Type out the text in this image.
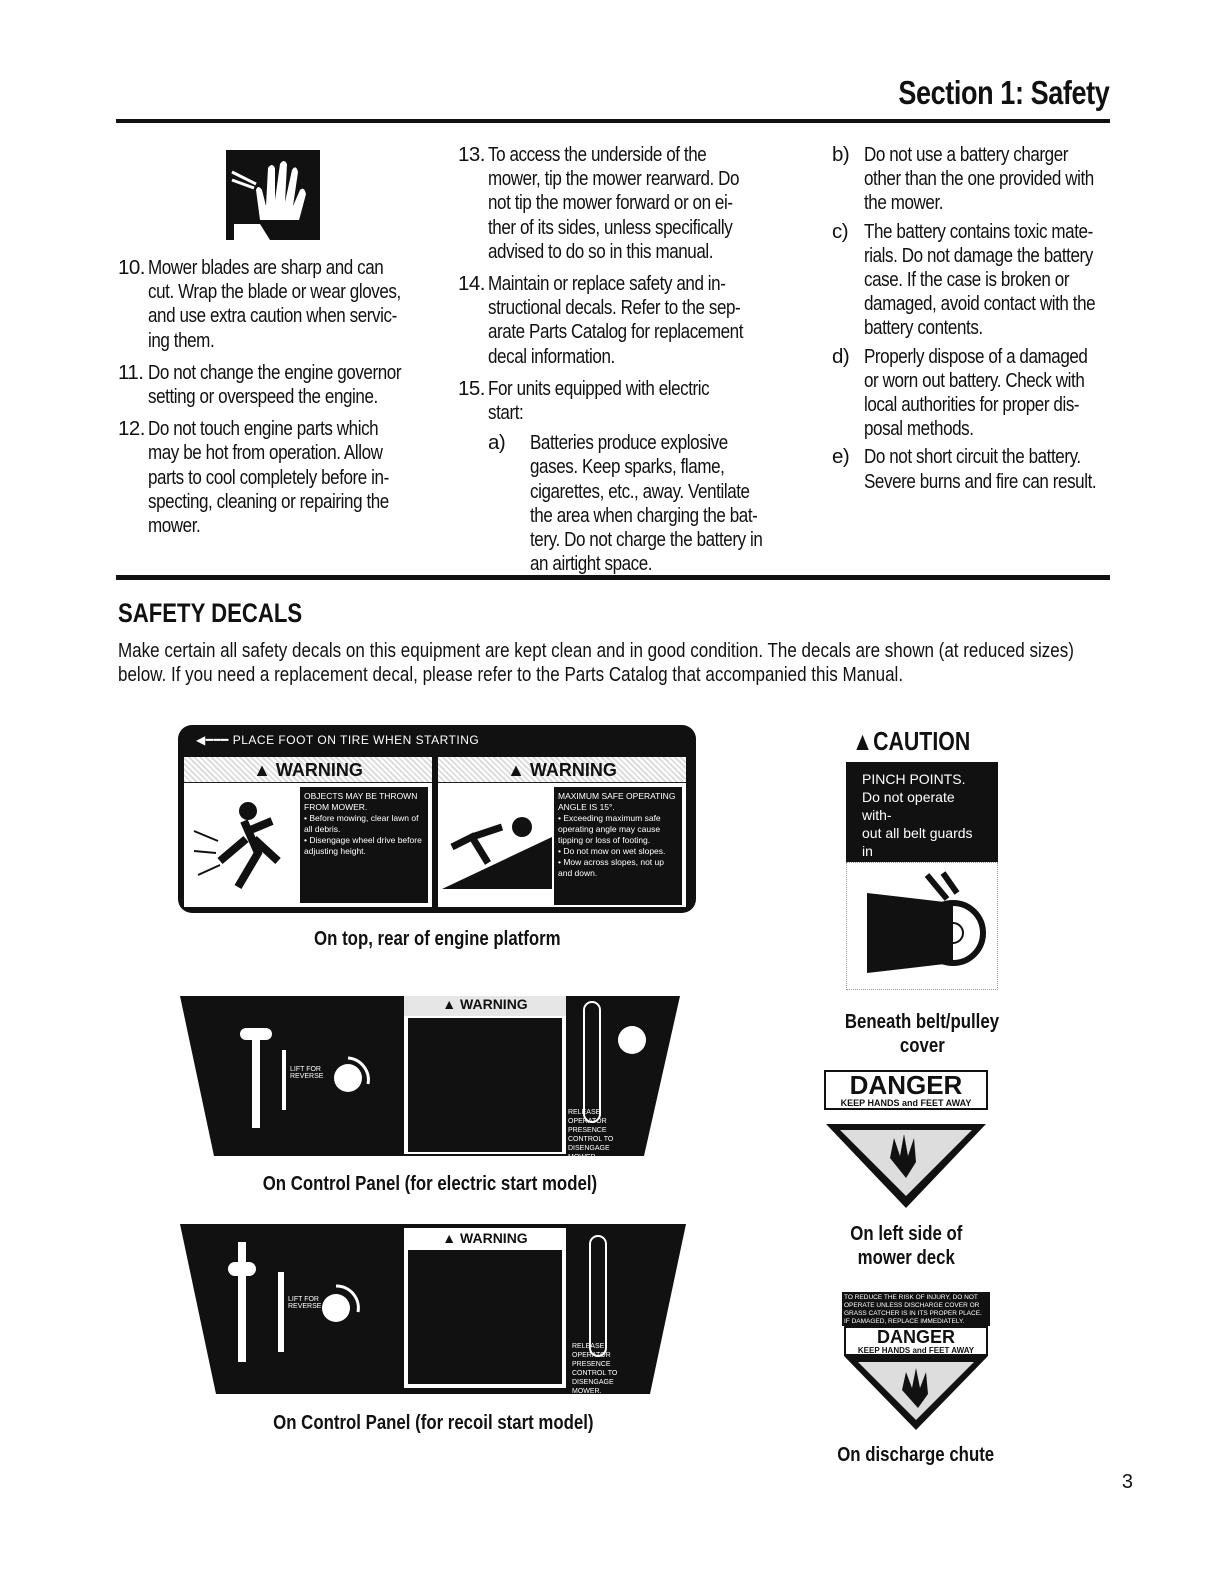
Section 1: Safety
10. Mower blades are sharp and can
cut. Wrap the blade or wear gloves,
and use extra caution when servic-
ing them.
11. Do not change the engine governor
setting or overspeed the engine.
12. Do not touch engine parts which
may be hot from operation. Allow
parts to cool completely before in-
specting, cleaning or repairing the
mower.
13. To access the underside of the
mower, tip the mower rearward. Do
not tip the mower forward or on ei-
ther of its sides, unless specifically
advised to do so in this manual.
14. Maintain or replace safety and in-
structional decals. Refer to the sep-
arate Parts Catalog for replacement
decal information.
15. For units equipped with electric
start:
a) Batteries produce explosive
gases. Keep sparks, flame,
cigarettes, etc., away. Ventilate
the area when charging the bat-
tery. Do not charge the battery in
an airtight space.
b) Do not use a battery charger
other than the one provided with
the mower.
c) The battery contains toxic mate-
rials. Do not damage the battery
case. If the case is broken or
damaged, avoid contact with the
battery contents.
d) Properly dispose of a damaged
or worn out battery. Check with
local authorities for proper dis-
posal methods.
e) Do not short circuit the battery.
Severe burns and fire can result.
SAFETY DECALS
Make certain all safety decals on this equipment are kept clean and in good condition. The decals are shown (at reduced sizes)
below. If you need a replacement decal, please refer to the Parts Catalog that accompanied this Manual.
◀━━━ PLACE FOOT ON TIRE WHEN STARTING
▲ WARNING
OBJECTS MAY BE THROWN FROM MOWER.
• Before mowing, clear lawn of all debris.
• Disengage wheel drive before adjusting height.
▲ WARNING
MAXIMUM SAFE OPERATING ANGLE IS 15°.
• Exceeding maximum safe operating angle may cause tipping or loss of footing.
• Do not mow on wet slopes.
• Mow across slopes, not up and down.
On top, rear of engine platform
▲ WARNING
LIFT FOR REVERSE
RELEASE OPERATOR PRESENCE CONTROL TO DISENGAGE MOWER.
On Control Panel (for electric start model)
▲ WARNING
LIFT FOR REVERSE
RELEASE OPERATOR PRESENCE CONTROL TO DISENGAGE MOWER.
On Control Panel (for recoil start model)
▲CAUTION
PINCH POINTS.
Do not operate with-
out all belt guards in
place.
Beneath belt/pulley
cover
DANGER
KEEP HANDS and FEET AWAY
On left side of
mower deck
TO REDUCE THE RISK OF INJURY, DO NOT OPERATE UNLESS DISCHARGE COVER OR GRASS CATCHER IS IN ITS PROPER PLACE. IF DAMAGED, REPLACE IMMEDIATELY.
DANGER
KEEP HANDS and FEET AWAY
On discharge chute
3
